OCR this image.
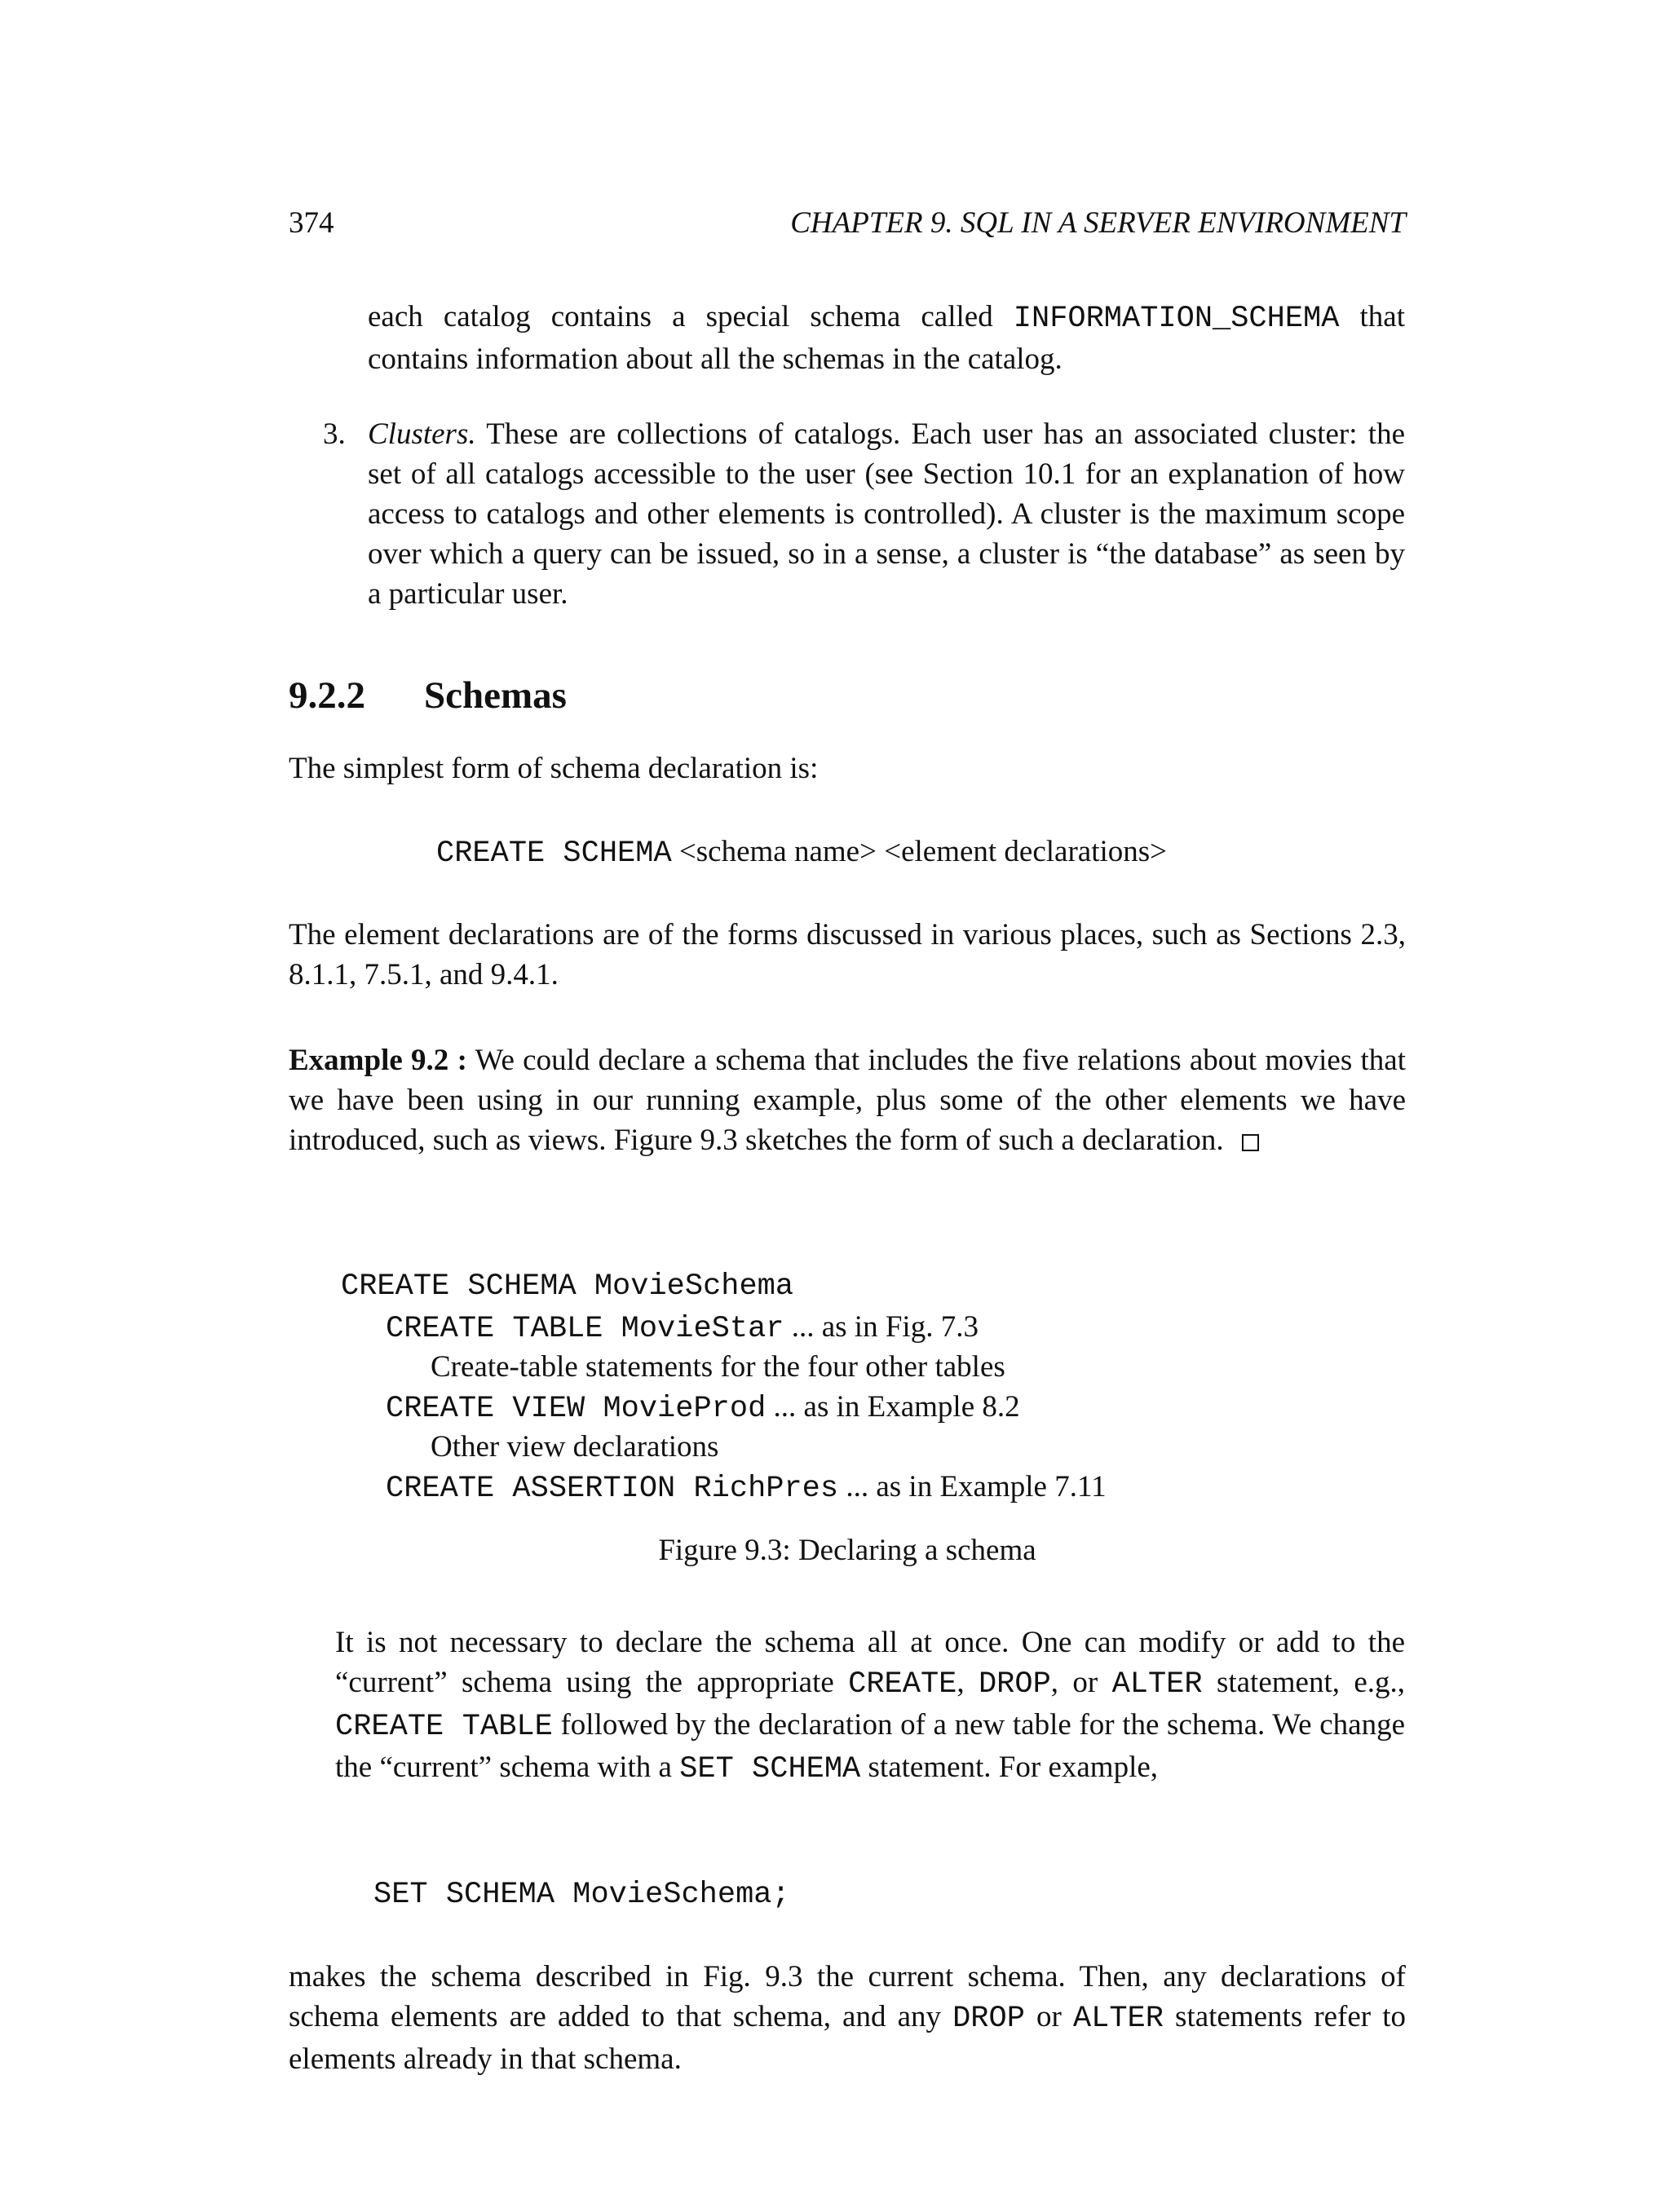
374	CHAPTER 9. SQL IN A SERVER ENVIRONMENT

each catalog contains a special schema called INFORMATION_SCHEMA that contains information about all the schemas in the catalog.

3. Clusters. These are collections of catalogs. Each user has an associated cluster: the set of all catalogs accessible to the user (see Section 10.1 for an explanation of how access to catalogs and other elements is controlled). A cluster is the maximum scope over which a query can be issued, so in a sense, a cluster is “the database” as seen by a particular user.

9.2.2 Schemas

The simplest form of schema declaration is:

CREATE SCHEMA <schema name> <element declarations>

The element declarations are of the forms discussed in various places, such as Sections 2.3, 8.1.1, 7.5.1, and 9.4.1.

Example 9.2 : We could declare a schema that includes the five relations about movies that we have been using in our running example, plus some of the other elements we have introduced, such as views. Figure 9.3 sketches the form of such a declaration.

CREATE SCHEMA MovieSchema
CREATE TABLE MovieStar ... as in Fig. 7.3
Create-table statements for the four other tables
CREATE VIEW MovieProd ... as in Example 8.2
Other view declarations
CREATE ASSERTION RichPres ... as in Example 7.11
Figure 9.3: Declaring a schema

It is not necessary to declare the schema all at once. One can modify or add to the “current” schema using the appropriate CREATE, DROP, or ALTER statement, e.g., CREATE TABLE followed by the declaration of a new table for the schema. We change the “current” schema with a SET SCHEMA statement. For example,

SET SCHEMA MovieSchema;

makes the schema described in Fig. 9.3 the current schema. Then, any declarations of schema elements are added to that schema, and any DROP or ALTER statements refer to elements already in that schema.
